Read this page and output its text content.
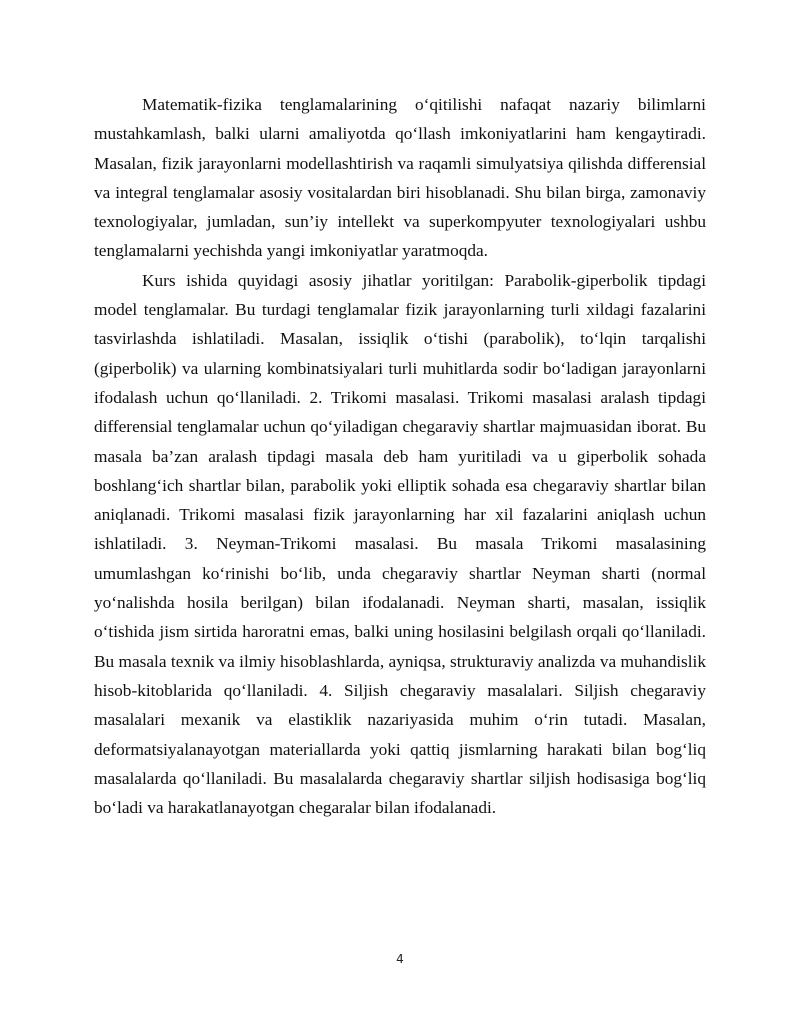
Matematik-fizika tenglamalarining o‘qitilishi nafaqat nazariy bilimlarni mustahkamlash, balki ularni amaliyotda qo‘llash imkoniyatlarini ham kengaytiradi. Masalan, fizik jarayonlarni modellashtirish va raqamli simulyatsiya qilishda differensial va integral tenglamalar asosiy vositalardan biri hisoblanadi. Shu bilan birga, zamonaviy texnologiyalar, jumladan, sun’iy intellekt va superkompyuter texnologiyalari ushbu tenglamalarni yechishda yangi imkoniyatlar yaratmoqda.

Kurs ishida quyidagi asosiy jihatlar yoritilgan: Parabolik-giperbolik tipdagi model tenglamalar. Bu turdagi tenglamalar fizik jarayonlarning turli xildagi fazalarini tasvirlashda ishlatiladi. Masalan, issiqlik o‘tishi (parabolik), to‘lqin tarqalishi (giperbolik) va ularning kombinatsiyalari turli muhitlarda sodir bo‘ladigan jarayonlarni ifodalash uchun qo‘llaniladi. 2. Trikomi masalasi. Trikomi masalasi aralash tipdagi differensial tenglamalar uchun qo‘yiladigan chegaraviy shartlar majmuasidan iborat. Bu masala ba’zan aralash tipdagi masala deb ham yuritiladi va u giperbolik sohada boshlang‘ich shartlar bilan, parabolik yoki elliptik sohada esa chegaraviy shartlar bilan aniqlanadi. Trikomi masalasi fizik jarayonlarning har xil fazalarini aniqlash uchun ishlatiladi. 3. Neyman-Trikomi masalasi. Bu masala Trikomi masalasining umumlashgan ko‘rinishi bo‘lib, unda chegaraviy shartlar Neyman sharti (normal yo‘nalishda hosila berilgan) bilan ifodalanadi. Neyman sharti, masalan, issiqlik o‘tishida jism sirtida haroratni emas, balki uning hosilasini belgilash orqali qo‘llaniladi. Bu masala texnik va ilmiy hisoblashlarda, ayniqsa, strukturaviy analizda va muhandislik hisob-kitoblarida qo‘llaniladi. 4. Siljish chegaraviy masalalari. Siljish chegaraviy masalalari mexanik va elastiklik nazariyasida muhim o‘rin tutadi. Masalan, deformatsiyalanayotgan materiallarda yoki qattiq jismlarning harakati bilan bog‘liq masalalarda qo‘llaniladi. Bu masalalarda chegaraviy shartlar siljish hodisasiga bog‘liq bo‘ladi va harakatlanayotgan chegaralar bilan ifodalanadi.

4
